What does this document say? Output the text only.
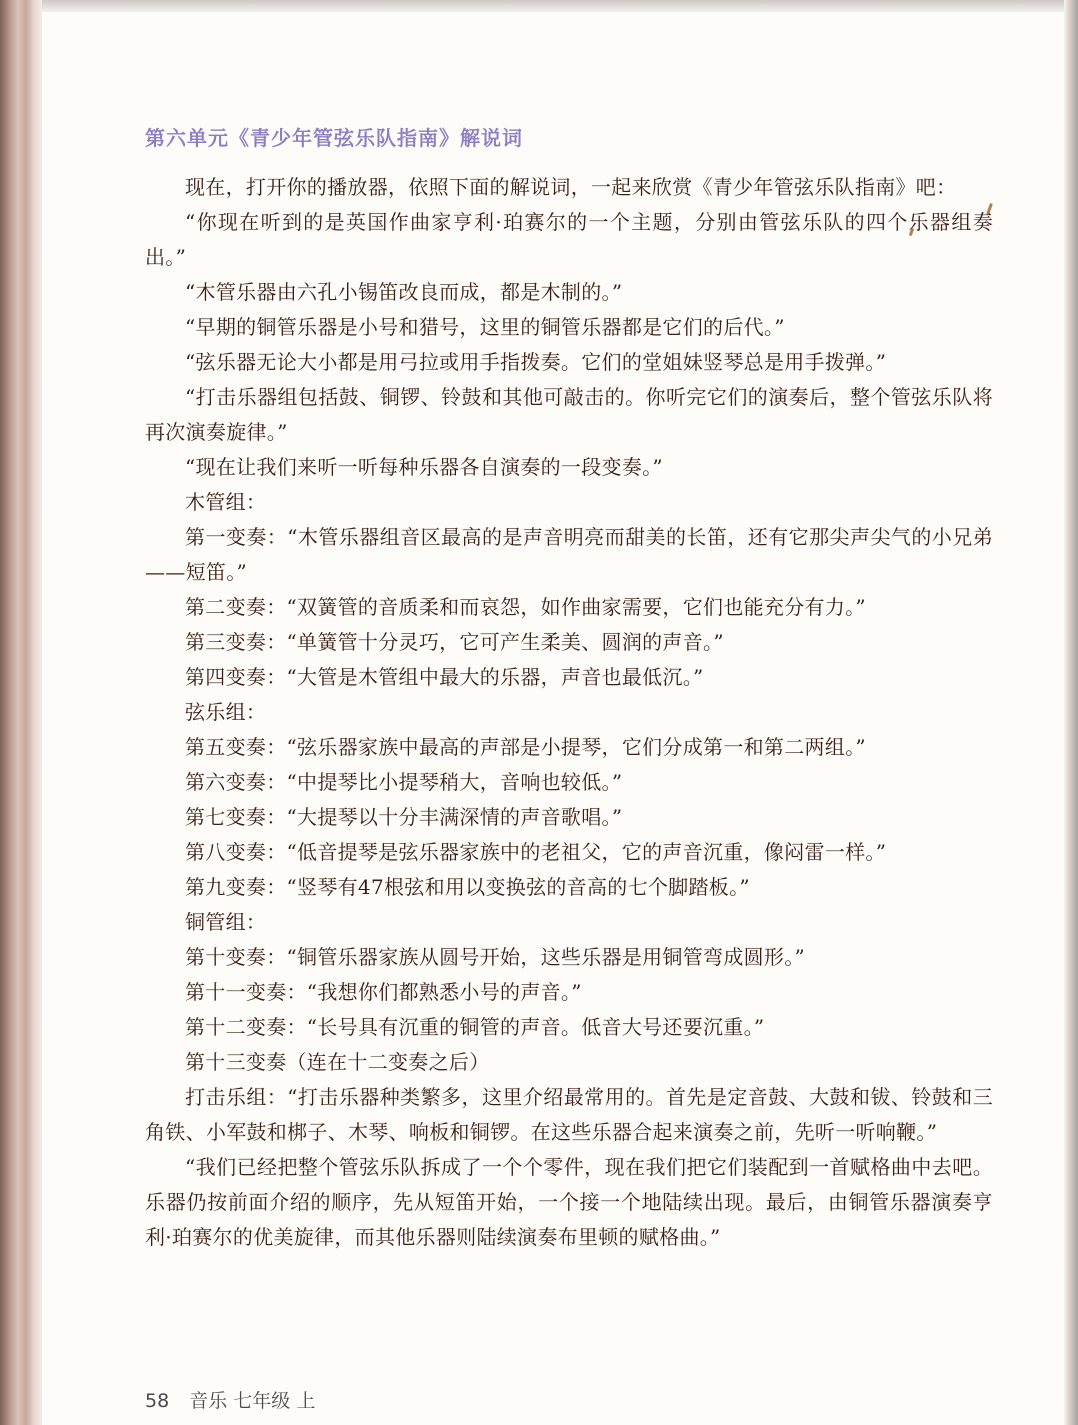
第六单元《青少年管弦乐队指南》解说词

现在，打开你的播放器，依照下面的解说词，一起来欣赏《青少年管弦乐队指南》吧：

“你现在听到的是英国作曲家亨利·珀赛尔的一个主题，分别由管弦乐队的四个乐器组奏出。”

“木管乐器由六孔小锡笛改良而成，都是木制的。”

“早期的铜管乐器是小号和猎号，这里的铜管乐器都是它们的后代。”

“弦乐器无论大小都是用弓拉或用手指拨奏。它们的堂姐妹竖琴总是用手拨弹。”

“打击乐器组包括鼓、铜锣、铃鼓和其他可敲击的。你听完它们的演奏后，整个管弦乐队将再次演奏旋律。”

“现在让我们来听一听每种乐器各自演奏的一段变奏。”

木管组：

第一变奏：“木管乐器组音区最高的是声音明亮而甜美的长笛，还有它那尖声尖气的小兄弟——短笛。”

第二变奏：“双簧管的音质柔和而哀怨，如作曲家需要，它们也能充分有力。”

第三变奏：“单簧管十分灵巧，它可产生柔美、圆润的声音。”

第四变奏：“大管是木管组中最大的乐器，声音也最低沉。”

弦乐组：

第五变奏：“弦乐器家族中最高的声部是小提琴，它们分成第一和第二两组。”

第六变奏：“中提琴比小提琴稍大，音响也较低。”

第七变奏：“大提琴以十分丰满深情的声音歌唱。”

第八变奏：“低音提琴是弦乐器家族中的老祖父，它的声音沉重，像闷雷一样。”

第九变奏：“竖琴有47根弦和用以变换弦的音高的七个脚踏板。”

铜管组：

第十变奏：“铜管乐器家族从圆号开始，这些乐器是用铜管弯成圆形。”

第十一变奏：“我想你们都熟悉小号的声音。”

第十二变奏：“长号具有沉重的铜管的声音。低音大号还要沉重。”

第十三变奏（连在十二变奏之后）

打击乐组：“打击乐器种类繁多，这里介绍最常用的。首先是定音鼓、大鼓和钹、铃鼓和三角铁、小军鼓和梆子、木琴、响板和铜锣。在这些乐器合起来演奏之前，先听一听响鞭。”

“我们已经把整个管弦乐队拆成了一个个零件，现在我们把它们装配到一首赋格曲中去吧。乐器仍按前面介绍的顺序，先从短笛开始，一个接一个地陆续出现。最后，由铜管乐器演奏亨利·珀赛尔的优美旋律，而其他乐器则陆续演奏布里顿的赋格曲。”

58 音乐 七年级 上
